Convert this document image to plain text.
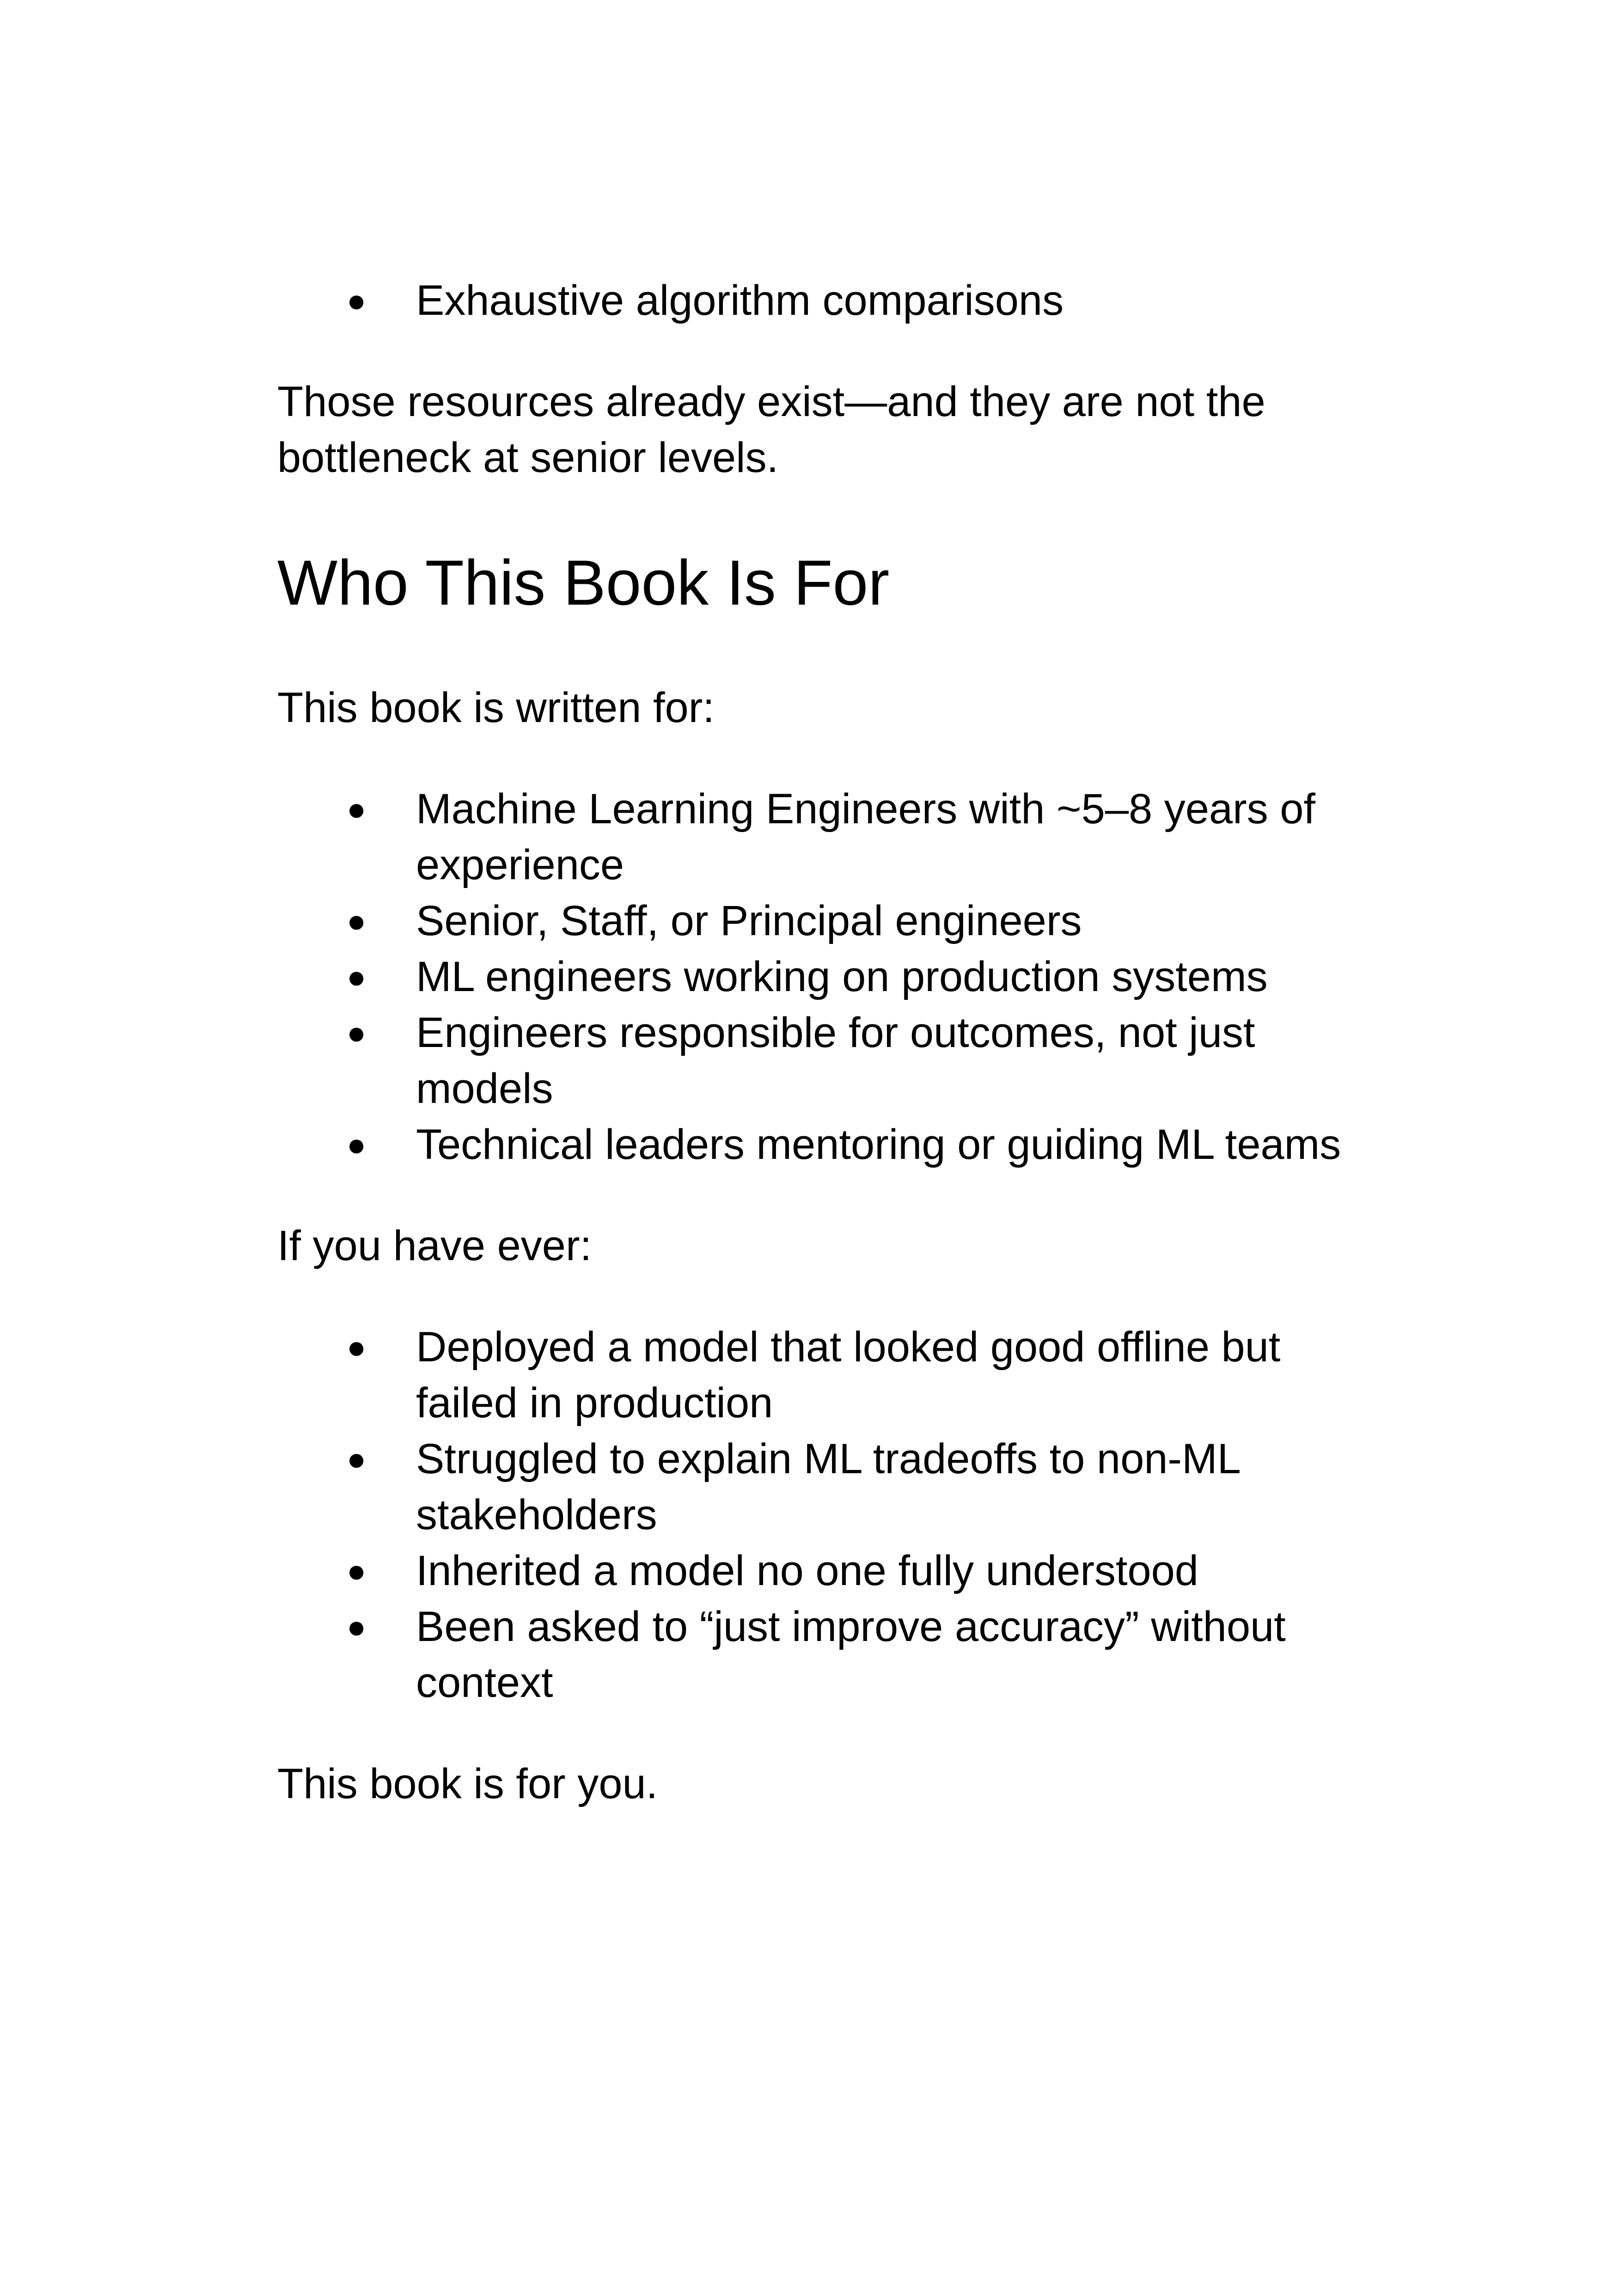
● Exhaustive algorithm comparisons

Those resources already exist—and they are not the bottleneck at senior levels.

Who This Book Is For

This book is written for:

● Machine Learning Engineers with ~5–8 years of experience
● Senior, Staff, or Principal engineers
● ML engineers working on production systems
● Engineers responsible for outcomes, not just models
● Technical leaders mentoring or guiding ML teams

If you have ever:

● Deployed a model that looked good offline but failed in production
● Struggled to explain ML tradeoffs to non-ML stakeholders
● Inherited a model no one fully understood
● Been asked to “just improve accuracy” without context

This book is for you.
